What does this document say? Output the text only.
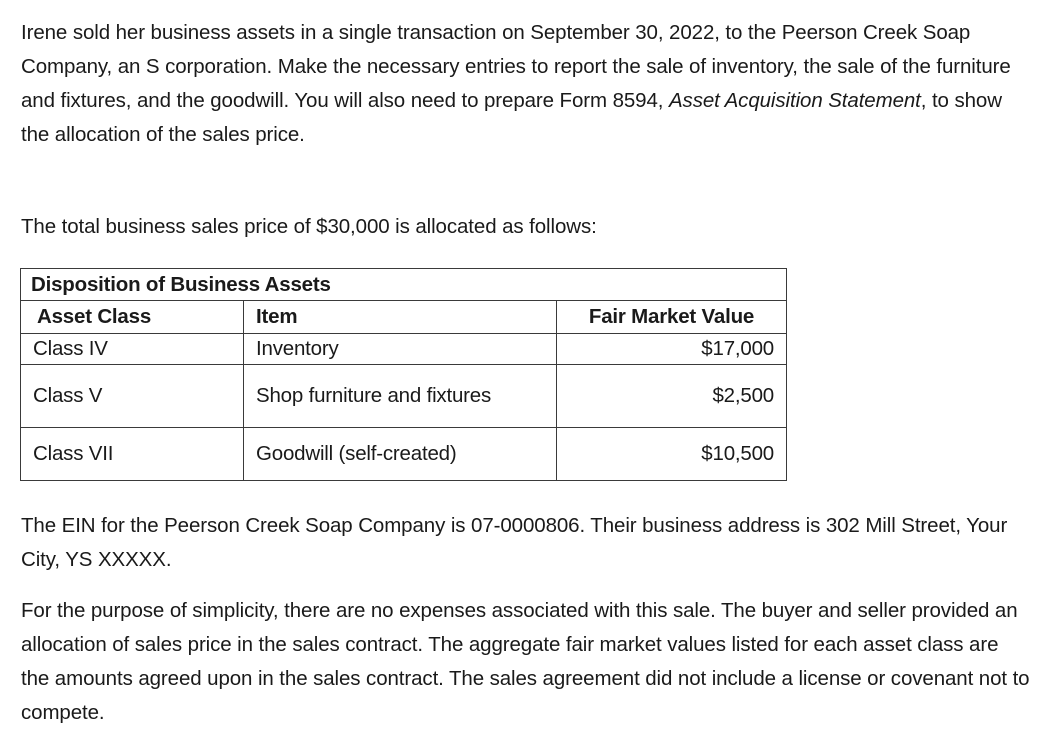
Irene sold her business assets in a single transaction on September 30, 2022, to the Peerson Creek Soap Company, an S corporation. Make the necessary entries to report the sale of inventory, the sale of the furniture and fixtures, and the goodwill. You will also need to prepare Form 8594, Asset Acquisition Statement, to show the allocation of the sales price.

The total business sales price of $30,000 is allocated as follows:

Disposition of Business Assets		
Asset Class	Item	Fair Market Value
Class IV	Inventory	$17,000
Class V	Shop furniture and fixtures	$2,500
Class VII	Goodwill (self-created)	$10,500

The EIN for the Peerson Creek Soap Company is 07-0000806. Their business address is 302 Mill Street, Your City, YS XXXXX.

For the purpose of simplicity, there are no expenses associated with this sale. The buyer and seller provided an allocation of sales price in the sales contract. The aggregate fair market values listed for each asset class are the amounts agreed upon in the sales contract. The sales agreement did not include a license or covenant not to compete.
